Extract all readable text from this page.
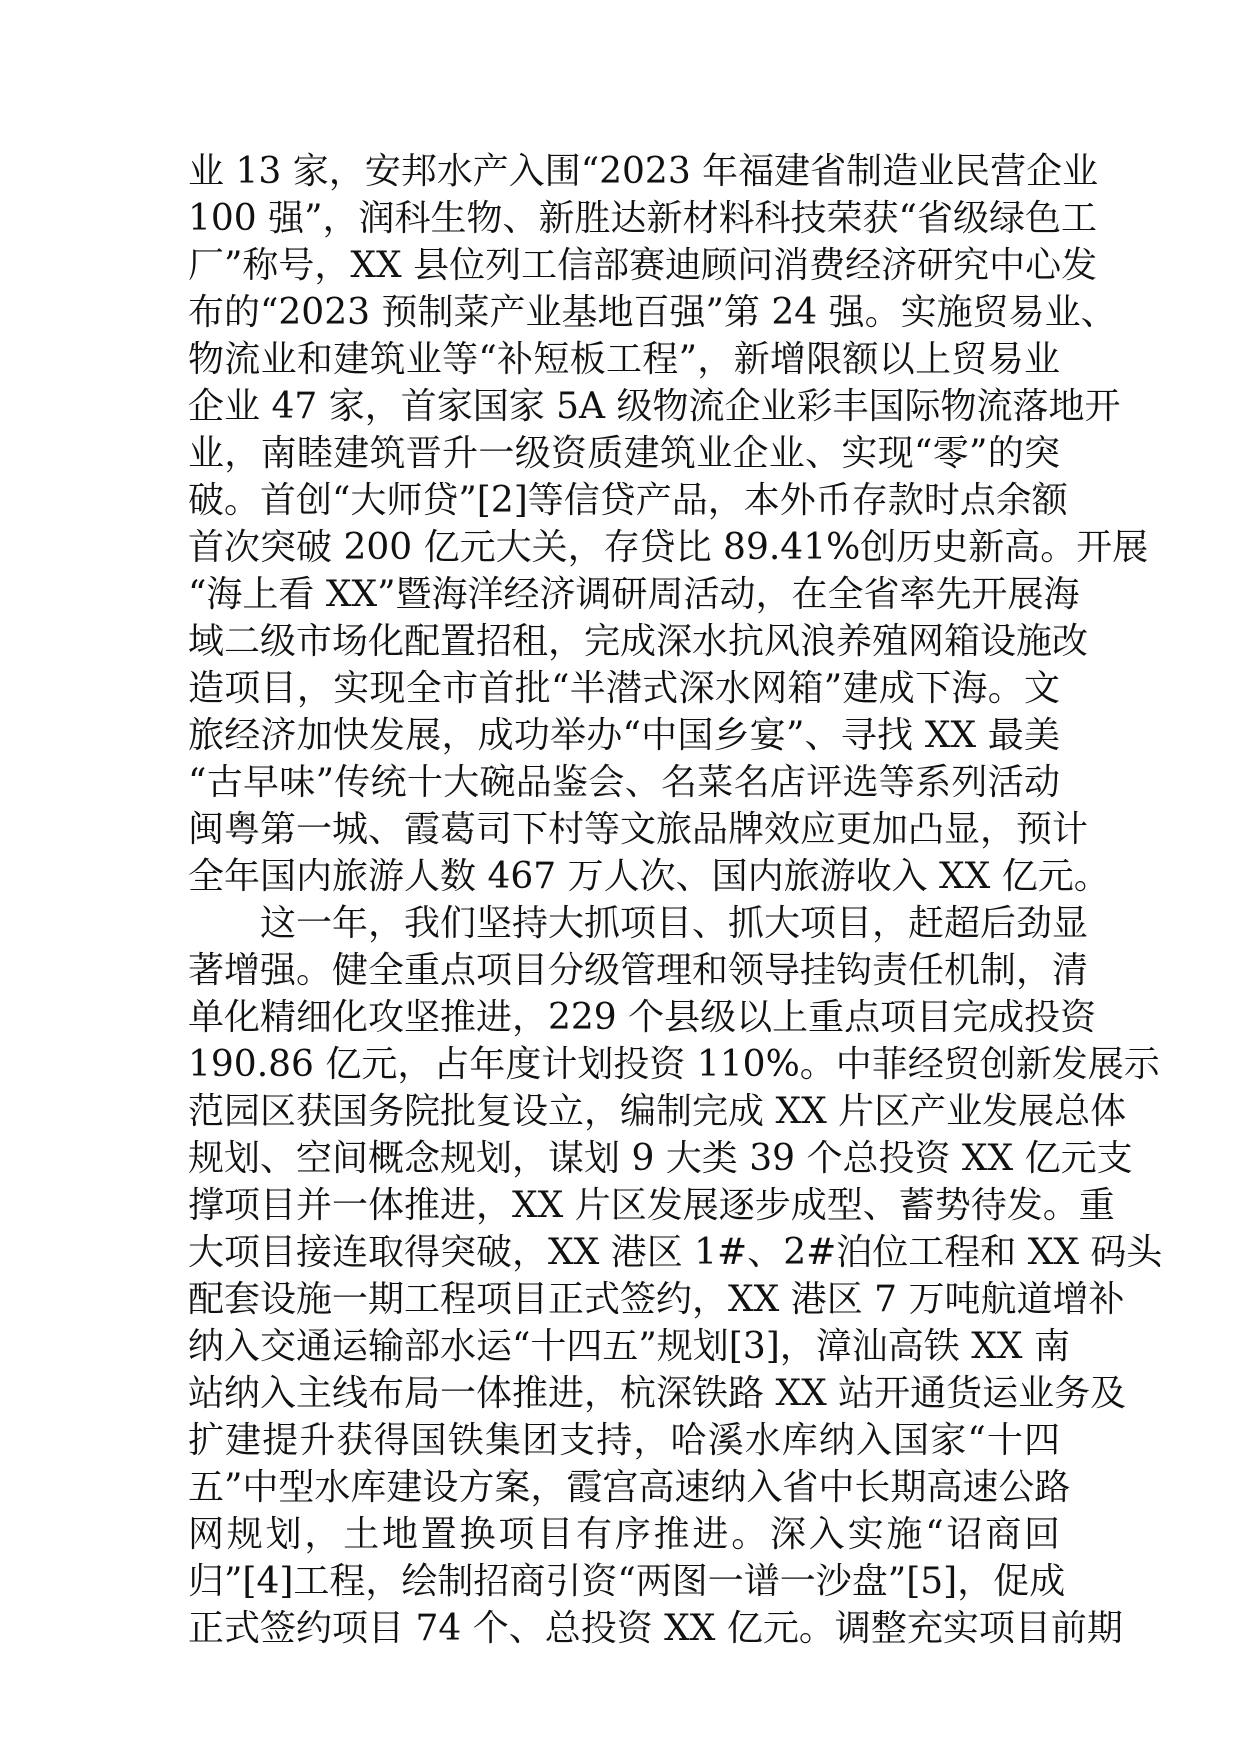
业 13 家，安邦水产入围“2023 年福建省制造业民营企业
100 强”，润科生物、新胜达新材料科技荣获“省级绿色工
厂”称号，XX 县位列工信部赛迪顾问消费经济研究中心发
布的“2023 预制菜产业基地百强”第 24 强。实施贸易业、
物流业和建筑业等“补短板工程”，新增限额以上贸易业
企业 47 家，首家国家 5A 级物流企业彩丰国际物流落地开
业，南睦建筑晋升一级资质建筑业企业、实现“零”的突
破。首创“大师贷”[2]等信贷产品，本外币存款时点余额
首次突破 200 亿元大关，存贷比 89.41%创历史新高。开展
“海上看 XX”暨海洋经济调研周活动，在全省率先开展海
域二级市场化配置招租，完成深水抗风浪养殖网箱设施改
造项目，实现全市首批“半潜式深水网箱”建成下海。文
旅经济加快发展，成功举办“中国乡宴”、寻找 XX 最美
“古早味”传统十大碗品鉴会、名菜名店评选等系列活动
闽粤第一城、霞葛司下村等文旅品牌效应更加凸显，预计
全年国内旅游人数 467 万人次、国内旅游收入 XX 亿元。
这一年，我们坚持大抓项目、抓大项目，赶超后劲显
著增强。健全重点项目分级管理和领导挂钩责任机制，清
单化精细化攻坚推进，229 个县级以上重点项目完成投资
190.86 亿元，占年度计划投资 110%。中菲经贸创新发展示
范园区获国务院批复设立，编制完成 XX 片区产业发展总体
规划、空间概念规划，谋划 9 大类 39 个总投资 XX 亿元支
撑项目并一体推进，XX 片区发展逐步成型、蓄势待发。重
大项目接连取得突破，XX 港区 1#、2#泊位工程和 XX 码头
配套设施一期工程项目正式签约，XX 港区 7 万吨航道增补
纳入交通运输部水运“十四五”规划[3]，漳汕高铁 XX 南
站纳入主线布局一体推进，杭深铁路 XX 站开通货运业务及
扩建提升获得国铁集团支持，哈溪水库纳入国家“十四
五”中型水库建设方案，霞宫高速纳入省中长期高速公路
网规划，土地置换项目有序推进。深入实施“诏商回
归”[4]工程，绘制招商引资“两图一谱一沙盘”[5]，促成
正式签约项目 74 个、总投资 XX 亿元。调整充实项目前期
